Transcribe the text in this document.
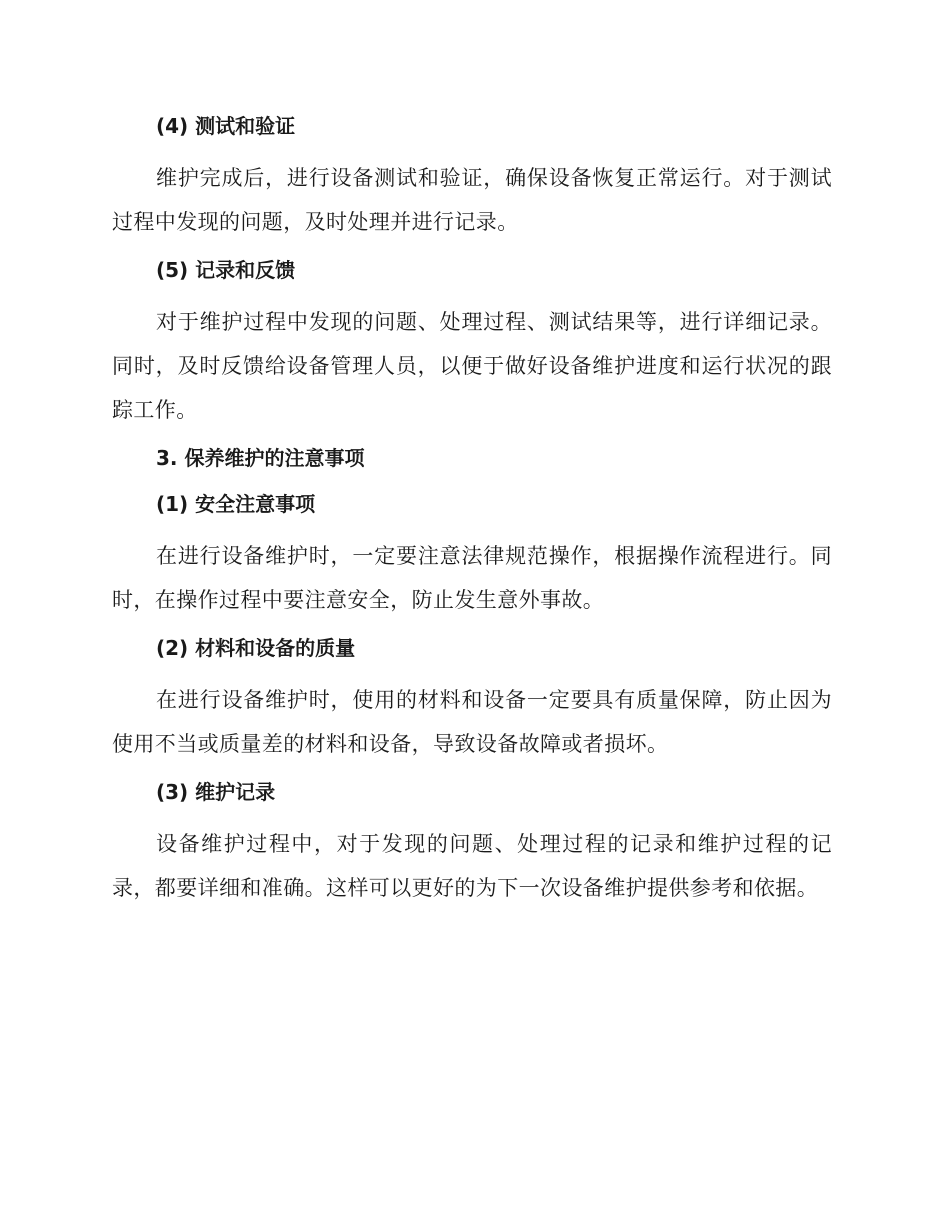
(4) 测试和验证

维护完成后，进行设备测试和验证，确保设备恢复正常运行。对于测试过程中发现的问题，及时处理并进行记录。

(5) 记录和反馈

对于维护过程中发现的问题、处理过程、测试结果等，进行详细记录。同时，及时反馈给设备管理人员，以便于做好设备维护进度和运行状况的跟踪工作。

3. 保养维护的注意事项
(1) 安全注意事项

在进行设备维护时，一定要注意法律规范操作，根据操作流程进行。同时，在操作过程中要注意安全，防止发生意外事故。

(2) 材料和设备的质量

在进行设备维护时，使用的材料和设备一定要具有质量保障，防止因为使用不当或质量差的材料和设备，导致设备故障或者损坏。

(3) 维护记录

设备维护过程中，对于发现的问题、处理过程的记录和维护过程的记录，都要详细和准确。这样可以更好的为下一次设备维护提供参考和依据。
